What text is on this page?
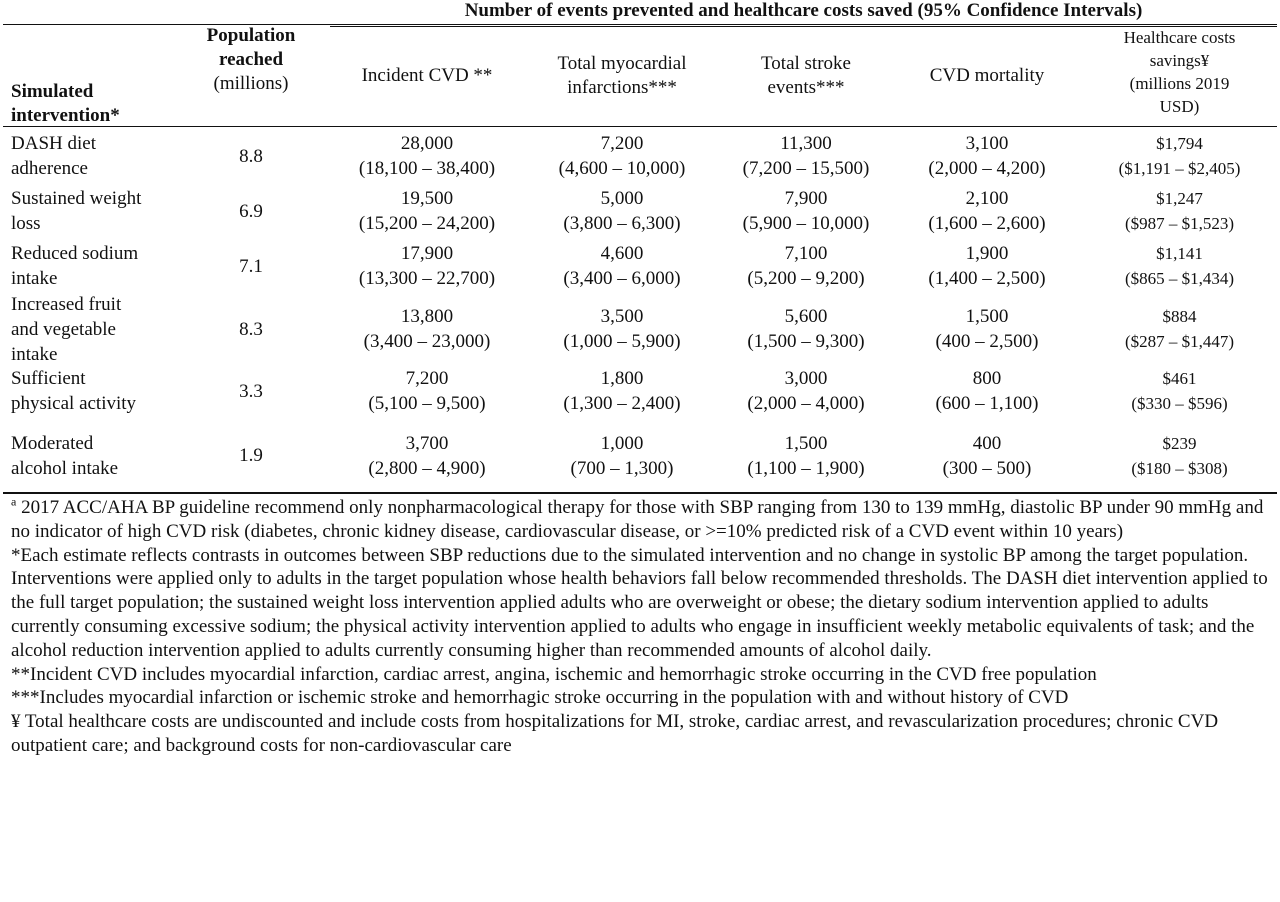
Number of events prevented and healthcare costs saved (95% Confidence Intervals)
Simulated
intervention*
Population
reached
(millions)	Incident CVD **
Total myocardial
infarctions***
Total stroke
events***
CVD mortality
Healthcare costs
savings¥
(millions 2019
USD)
DASH diet
adherence
8.8
28,000
(18,100 – 38,400)
7,200
(4,600 – 10,000)
11,300
(7,200 – 15,500)
3,100
(2,000 – 4,200)
$1,794
($1,191 – $2,405)
Sustained weight
loss
6.9
19,500
(15,200 – 24,200)
5,000
(3,800 – 6,300)
7,900
(5,900 – 10,000)
2,100
(1,600 – 2,600)
$1,247
($987 – $1,523)
Reduced sodium
intake
7.1
17,900
(13,300 – 22,700)
4,600
(3,400 – 6,000)
7,100
(5,200 – 9,200)
1,900
(1,400 – 2,500)
$1,141
($865 – $1,434)
Increased fruit
and vegetable
intake
8.3
13,800
(3,400 – 23,000)
3,500
(1,000 – 5,900)
5,600
(1,500 – 9,300)
1,500
(400 – 2,500)
$884
($287 – $1,447)
Sufficient
physical activity
3.3
7,200
(5,100 – 9,500)
1,800
(1,300 – 2,400)
3,000
(2,000 – 4,000)
800
(600 – 1,100)
$461
($330 – $596)
Moderated
alcohol intake
1.9
3,700
(2,800 – 4,900)
1,000
(700 – 1,300)
1,500
(1,100 – 1,900)
400
(300 – 500)
$239
($180 – $308)

$^a$ 2017 ACC/AHA BP guideline recommend only nonpharmacological therapy for those with SBP ranging from 130 to 139 mmHg, diastolic BP under 90 mmHg and no indicator of high CVD risk (diabetes, chronic kidney disease, cardiovascular disease, or >=10% predicted risk of a CVD event within 10 years)

*Each estimate reflects contrasts in outcomes between SBP reductions due to the simulated intervention and no change in systolic BP among the target population. Interventions were applied only to adults in the target population whose health behaviors fall below recommended thresholds. The DASH diet intervention applied to the full target population; the sustained weight loss intervention applied adults who are overweight or obese; the dietary sodium intervention applied to adults currently consuming excessive sodium; the physical activity intervention applied to adults who engage in insufficient weekly metabolic equivalents of task; and the alcohol reduction intervention applied to adults currently consuming higher than recommended amounts of alcohol daily.

**Incident CVD includes myocardial infarction, cardiac arrest, angina, ischemic and hemorrhagic stroke occurring in the CVD free population

***Includes myocardial infarction or ischemic stroke and hemorrhagic stroke occurring in the population with and without history of CVD

¥ Total healthcare costs are undiscounted and include costs from hospitalizations for MI, stroke, cardiac arrest, and revascularization procedures; chronic CVD outpatient care; and background costs for non-cardiovascular care
